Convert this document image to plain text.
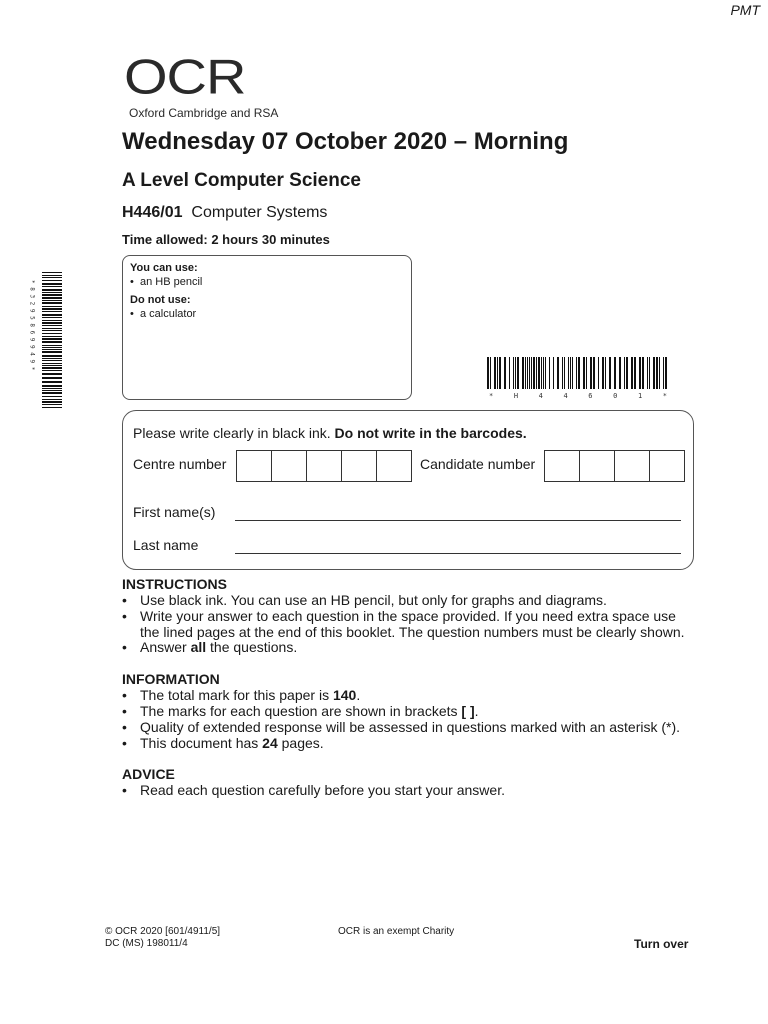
PMT
OCR
Oxford Cambridge and RSA
Wednesday 07 October 2020 – Morning
A Level Computer Science
H446/01 Computer Systems
Time allowed: 2 hours 30 minutes
You can use:
•  an HB pencil
Do not use:
•  a calculator
* 8 3 2 9 5 8 6 9 9 4 9 *
* H 4 4 6 0 1 *
Please write clearly in black ink. Do not write in the barcodes.
Centre number	Candidate number
First name(s)
Last name
INSTRUCTIONS
• Use black ink. You can use an HB pencil, but only for graphs and diagrams.
• Write your answer to each question in the space provided. If you need extra space use
the lined pages at the end of this booklet. The question numbers must be clearly shown.
• Answer all the questions.
INFORMATION
• The total mark for this paper is 140.
• The marks for each question are shown in brackets [ ].
• Quality of extended response will be assessed in questions marked with an asterisk (*).
• This document has 24 pages.
ADVICE
• Read each question carefully before you start your answer.
© OCR 2020 [601/4911/5]
DC (MS) 198011/4
OCR is an exempt Charity
Turn over
